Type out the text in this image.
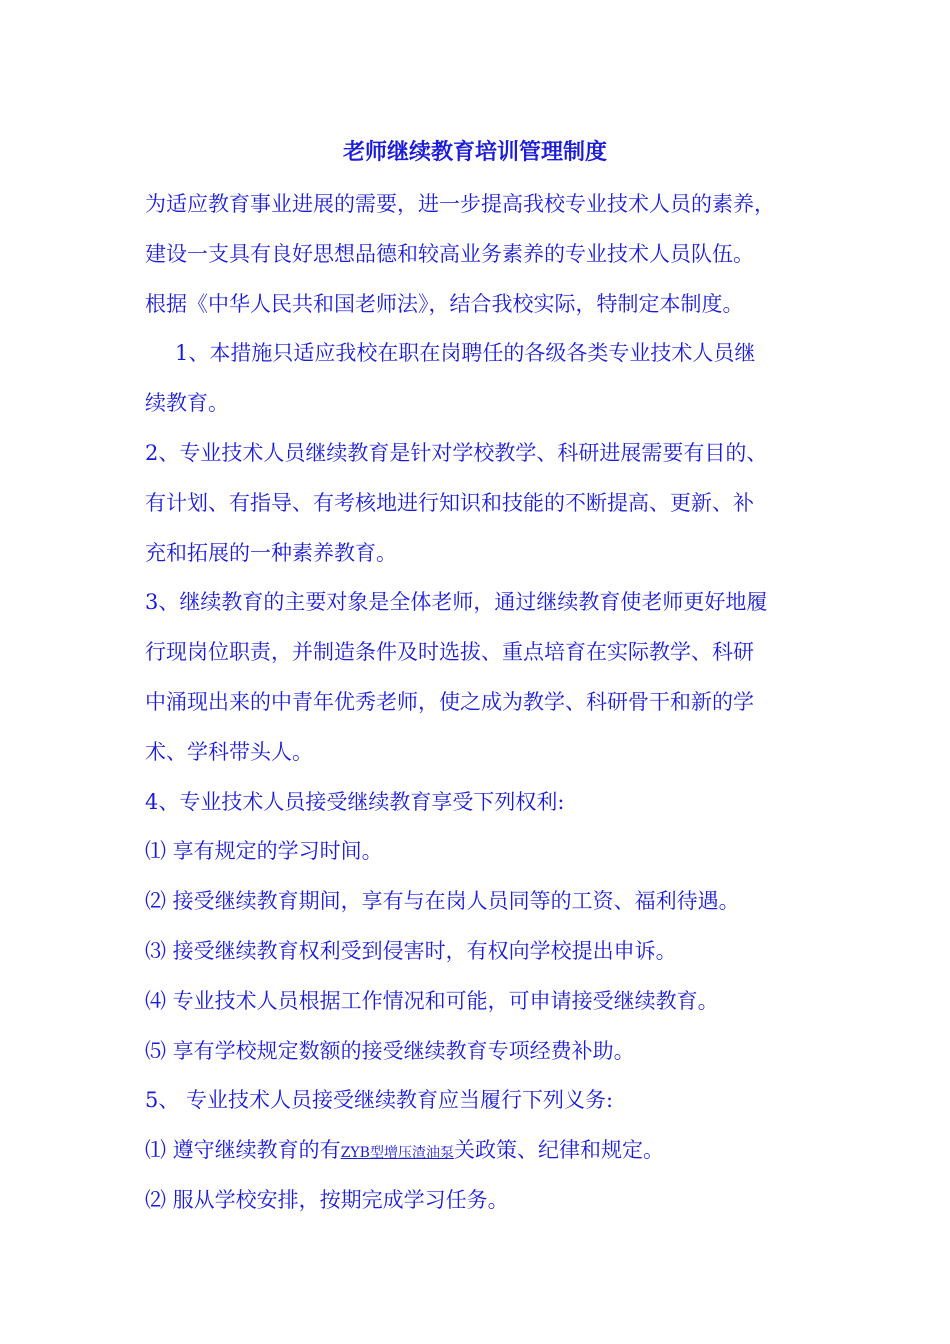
老师继续教育培训管理制度

为适应教育事业进展的需要，进一步提高我校专业技术人员的素养，

建设一支具有良好思想品德和较高业务素养的专业技术人员队伍。

根据《中华人民共和国老师法》，结合我校实际，特制定本制度。

1、本措施只适应我校在职在岗聘任的各级各类专业技术人员继

续教育。

2、专业技术人员继续教育是针对学校教学、科研进展需要有目的、

有计划、有指导、有考核地进行知识和技能的不断提高、更新、补

充和拓展的一种素养教育。

3、继续教育的主要对象是全体老师，通过继续教育使老师更好地履

行现岗位职责，并制造条件及时选拔、重点培育在实际教学、科研

中涌现出来的中青年优秀老师，使之成为教学、科研骨干和新的学

术、学科带头人。

4、专业技术人员接受继续教育享受下列权利:

⑴ 享有规定的学习时间。

⑵ 接受继续教育期间，享有与在岗人员同等的工资、福利待遇。

⑶ 接受继续教育权利受到侵害时，有权向学校提出申诉。

⑷ 专业技术人员根据工作情况和可能，可申请接受继续教育。

⑸ 享有学校规定数额的接受继续教育专项经费补助。

5、 专业技术人员接受继续教育应当履行下列义务:

⑴ 遵守继续教育的有ZYB型增压渣油泵关政策、纪律和规定。

⑵ 服从学校安排，按期完成学习任务。
